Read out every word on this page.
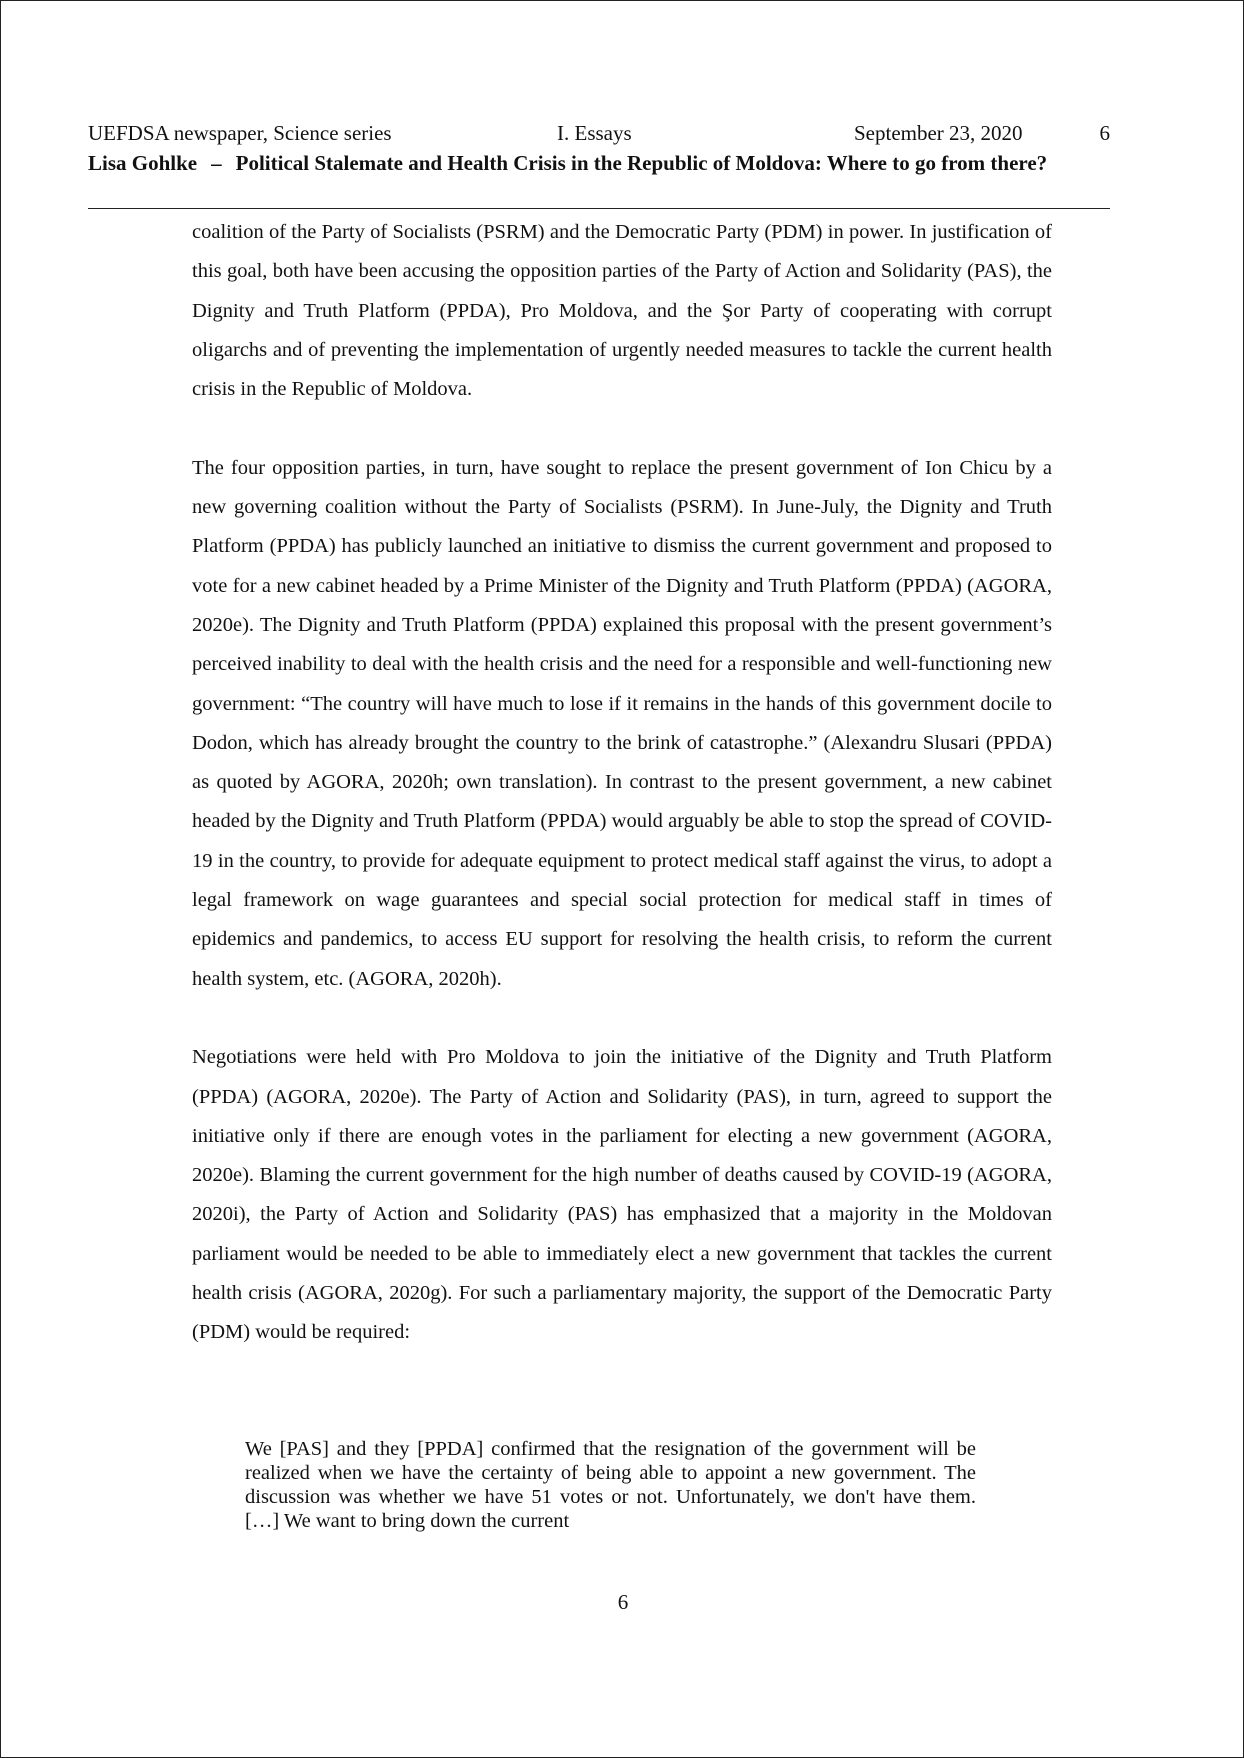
UEFDSA newspaper, Science series	I. Essays	September 23, 2020	6
Lisa Gohlke – Political Stalemate and Health Crisis in the Republic of Moldova: Where to go from there?

coalition of the Party of Socialists (PSRM) and the Democratic Party (PDM) in power. In justification of this goal, both have been accusing the opposition parties of the Party of Action and Solidarity (PAS), the Dignity and Truth Platform (PPDA), Pro Moldova, and the Şor Party of cooperating with corrupt oligarchs and of preventing the implementation of urgently needed measures to tackle the current health crisis in the Republic of Moldova.

The four opposition parties, in turn, have sought to replace the present government of Ion Chicu by a new governing coalition without the Party of Socialists (PSRM). In June-July, the Dignity and Truth Platform (PPDA) has publicly launched an initiative to dismiss the current government and proposed to vote for a new cabinet headed by a Prime Minister of the Dignity and Truth Platform (PPDA) (AGORA, 2020e). The Dignity and Truth Platform (PPDA) explained this proposal with the present government’s perceived inability to deal with the health crisis and the need for a responsible and well-functioning new government: “The country will have much to lose if it remains in the hands of this government docile to Dodon, which has already brought the country to the brink of catastrophe.” (Alexandru Slusari (PPDA) as quoted by AGORA, 2020h; own translation). In contrast to the present government, a new cabinet headed by the Dignity and Truth Platform (PPDA) would arguably be able to stop the spread of COVID-19 in the country, to provide for adequate equipment to protect medical staff against the virus, to adopt a legal framework on wage guarantees and special social protection for medical staff in times of epidemics and pandemics, to access EU support for resolving the health crisis, to reform the current health system, etc. (AGORA, 2020h).

Negotiations were held with Pro Moldova to join the initiative of the Dignity and Truth Platform (PPDA) (AGORA, 2020e). The Party of Action and Solidarity (PAS), in turn, agreed to support the initiative only if there are enough votes in the parliament for electing a new government (AGORA, 2020e). Blaming the current government for the high number of deaths caused by COVID-19 (AGORA, 2020i), the Party of Action and Solidarity (PAS) has emphasized that a majority in the Moldovan parliament would be needed to be able to immediately elect a new government that tackles the current health crisis (AGORA, 2020g). For such a parliamentary majority, the support of the Democratic Party (PDM) would be required:

We [PAS] and they [PPDA] confirmed that the resignation of the government will be realized when we have the certainty of being able to appoint a new government. The discussion was whether we have 51 votes or not. Unfortunately, we don't have them. […] We want to bring down the current
6
